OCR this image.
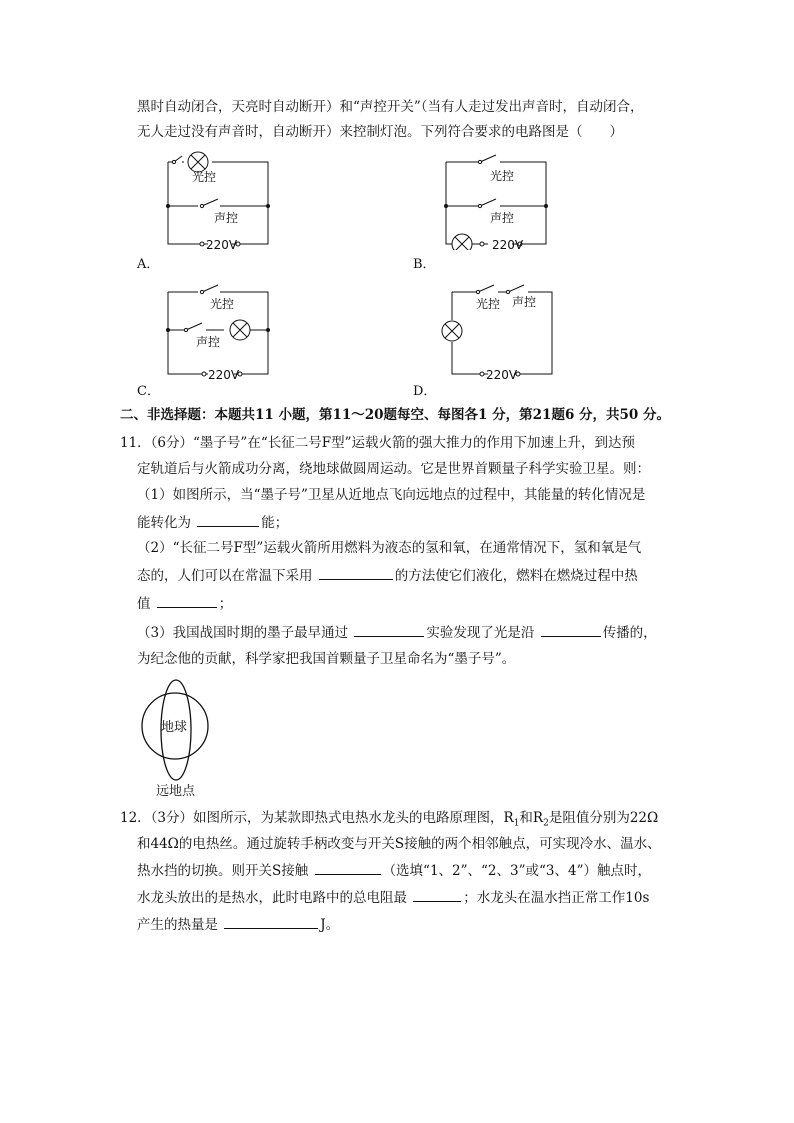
黑时自动闭合，天亮时自动断开）和“声控开关”（当有人走过发出声音时，自动闭合，
无人走过没有声音时，自动断开）来控制灯泡。下列符合要求的电路图是（　　）
光控
声控
220V
A．
光控
声控
220V
B．
光控
声控
220V
C．
光控 声控
220V
D．
二、非选择题：本题共11 小题，第11～20题每空、每图各1 分，第21题6 分，共50 分。
11．（6分）“墨子号”在“长征二号F型”运载火箭的强大推力的作用下加速上升，到达预
定轨道后与火箭成功分离，绕地球做圆周运动。它是世界首颗量子科学实验卫星。则：
（1）如图所示，当“墨子号”卫星从近地点飞向远地点的过程中，其能量的转化情况是
能转化为	能；
（2）“长征二号F型”运载火箭所用燃料为液态的氢和氧，在通常情况下，氢和氧是气
态的，人们可以在常温下采用	的方法使它们液化，燃料在燃烧过程中热
值	；
（3）我国战国时期的墨子最早通过	实验发现了光是沿	传播的，
为纪念他的贡献，科学家把我国首颗量子卫星命名为“墨子号”。
地球
远地点
12．（3分）如图所示，为某款即热式电热水龙头的电路原理图，$R_1$和$R_2$是阻值分别为22Ω
和44Ω的电热丝。通过旋转手柄改变与开关S接触的两个相邻触点，可实现冷水、温水、
热水挡的切换。则开关S接触	（选填“1、2”、“2、3”或“3、4”）触点时，
水龙头放出的是热水，此时电路中的总电阻最	；水龙头在温水挡正常工作10s
产生的热量是	J。
